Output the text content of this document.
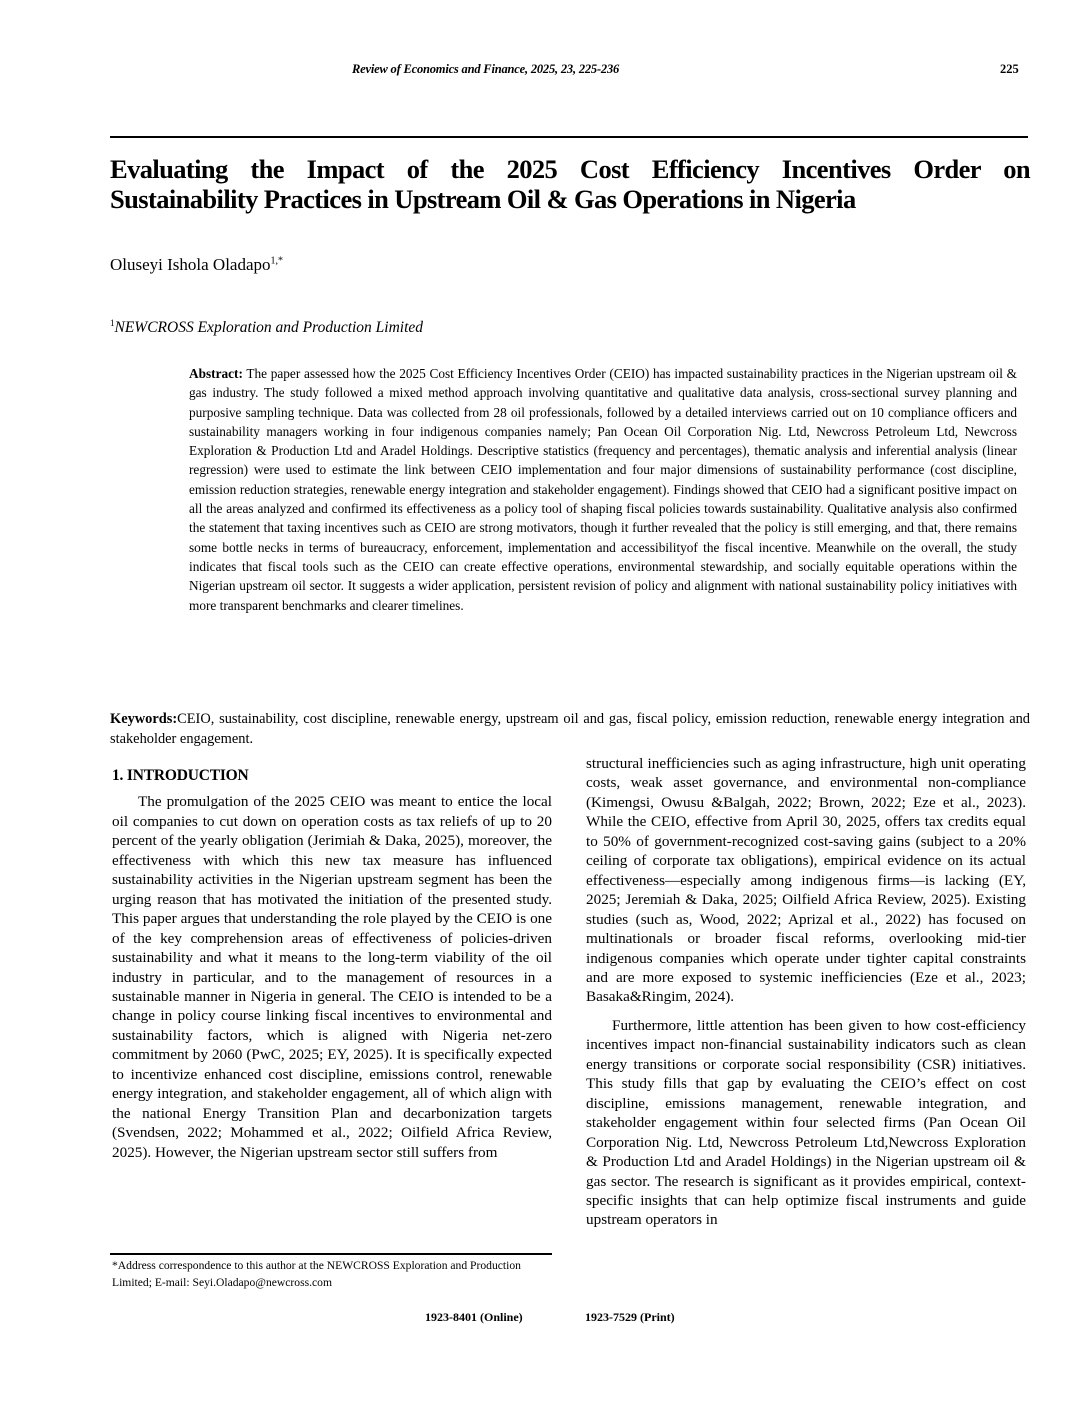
Review of Economics and Finance, 2025, 23, 225-236	225
Evaluating the Impact of the 2025 Cost Efficiency Incentives Order on
Sustainability Practices in Upstream Oil & Gas Operations in Nigeria
Oluseyi Ishola Oladapo$^{1,*}$
$^1$NEWCROSS Exploration and Production Limited
Abstract: The paper assessed how the 2025 Cost Efficiency Incentives Order (CEIO) has impacted sustainability practices in the Nigerian upstream oil & gas industry. The study followed a mixed method approach involving quantitative and qualitative data analysis, cross-sectional survey planning and purposive sampling technique. Data was collected from 28 oil professionals, followed by a detailed interviews carried out on 10 compliance officers and sustainability managers working in four indigenous companies namely; Pan Ocean Oil Corporation Nig. Ltd, Newcross Petroleum Ltd, Newcross Exploration & Production Ltd and Aradel Holdings. Descriptive statistics (frequency and percentages), thematic analysis and inferential analysis (linear regression) were used to estimate the link between CEIO implementation and four major dimensions of sustainability performance (cost discipline, emission reduction strategies, renewable energy integration and stakeholder engagement). Findings showed that CEIO had a significant positive impact on all the areas analyzed and confirmed its effectiveness as a policy tool of shaping fiscal policies towards sustainability. Qualitative analysis also confirmed the statement that taxing incentives such as CEIO are strong motivators, though it further revealed that the policy is still emerging, and that, there remains some bottle necks in terms of bureaucracy, enforcement, implementation and accessibilityof the fiscal incentive. Meanwhile on the overall, the study indicates that fiscal tools such as the CEIO can create effective operations, environmental stewardship, and socially equitable operations within the Nigerian upstream oil sector. It suggests a wider application, persistent revision of policy and alignment with national sustainability policy initiatives with more transparent benchmarks and clearer timelines.
Keywords:CEIO, sustainability, cost discipline, renewable energy, upstream oil and gas, fiscal policy, emission reduction, renewable energy integration and stakeholder engagement.
1. INTRODUCTION

The promulgation of the 2025 CEIO was meant to entice the local oil companies to cut down on operation costs as tax reliefs of up to 20 percent of the yearly obligation (Jerimiah & Daka, 2025), moreover, the effectiveness with which this new tax measure has influenced sustainability activities in the Nigerian upstream segment has been the urging reason that has motivated the initiation of the presented study. This paper argues that understanding the role played by the CEIO is one of the key comprehension areas of effectiveness of policies-driven sustainability and what it means to the long-term viability of the oil industry in particular, and to the management of resources in a sustainable manner in Nigeria in general. The CEIO is intended to be a change in policy course linking fiscal incentives to environmental and sustainability factors, which is aligned with Nigeria net-zero commitment by 2060 (PwC, 2025; EY, 2025). It is specifically expected to incentivize enhanced cost discipline, emissions control, renewable energy integration, and stakeholder engagement, all of which align with the national Energy Transition Plan and decarbonization targets (Svendsen, 2022; Mohammed et al., 2022; Oilfield Africa Review, 2025). However, the Nigerian upstream sector still suffers from

structural inefficiencies such as aging infrastructure, high unit operating costs, weak asset governance, and environmental non-compliance (Kimengsi, Owusu &Balgah, 2022; Brown, 2022; Eze et al., 2023). While the CEIO, effective from April 30, 2025, offers tax credits equal to 50% of government-recognized cost-saving gains (subject to a 20% ceiling of corporate tax obligations), empirical evidence on its actual effectiveness—especially among indigenous firms—is lacking (EY, 2025; Jeremiah & Daka, 2025; Oilfield Africa Review, 2025). Existing studies (such as, Wood, 2022; Aprizal et al., 2022) has focused on multinationals or broader fiscal reforms, overlooking mid-tier indigenous companies which operate under tighter capital constraints and are more exposed to systemic inefficiencies (Eze et al., 2023; Basaka&Ringim, 2024).

Furthermore, little attention has been given to how cost-efficiency incentives impact non-financial sustainability indicators such as clean energy transitions or corporate social responsibility (CSR) initiatives. This study fills that gap by evaluating the CEIO’s effect on cost discipline, emissions management, renewable integration, and stakeholder engagement within four selected firms (Pan Ocean Oil Corporation Nig. Ltd, Newcross Petroleum Ltd,Newcross Exploration & Production Ltd and Aradel Holdings) in the Nigerian upstream oil & gas sector. The research is significant as it provides empirical, context-specific insights that can help optimize fiscal instruments and guide upstream operators in

*Address correspondence to this author at the NEWCROSS Exploration and Production Limited; E-mail: Seyi.Oladapo@newcross.com
1923-8401 (Online)	1923-7529 (Print)
